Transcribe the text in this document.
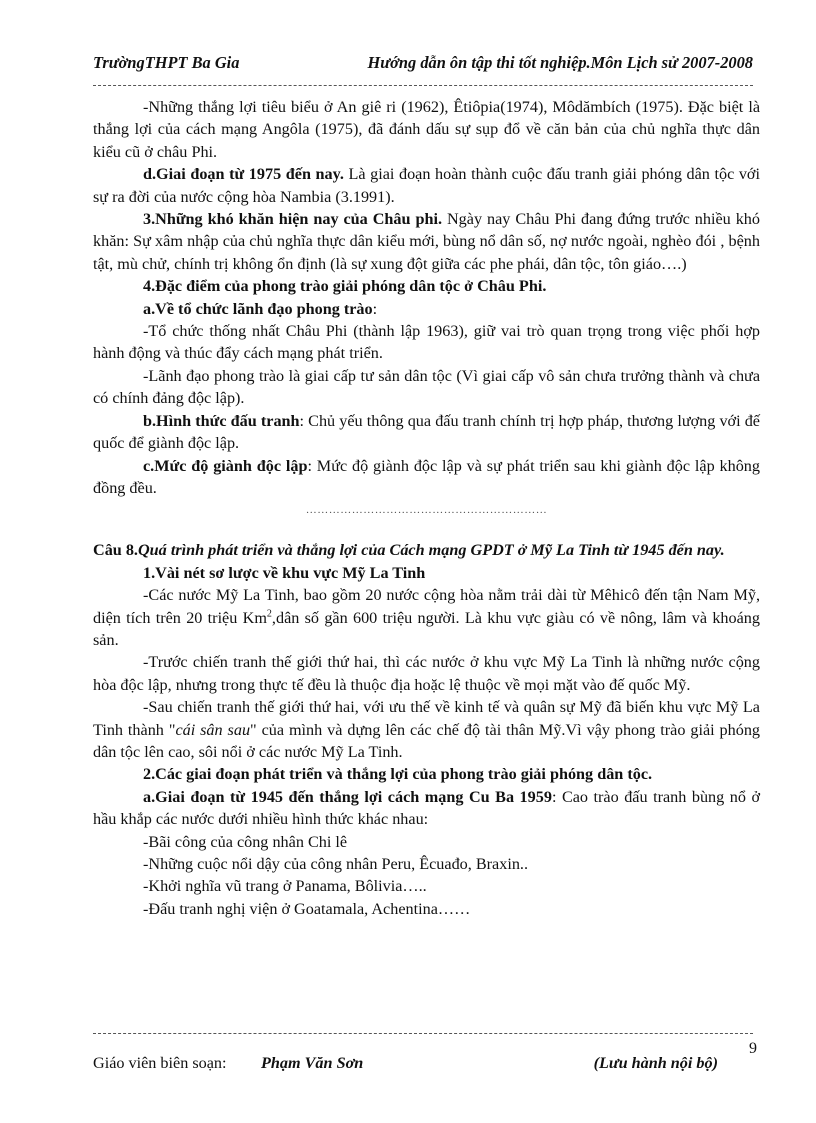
TrườngTHPT Ba Gia	Hướng dẫn ôn tập thi tốt nghiệp.Môn Lịch sử 2007-2008

-Những thắng lợi tiêu biểu ở An giê ri (1962), Êtiôpia(1974), Môdămbích (1975). Đặc biệt là thắng lợi của cách mạng Angôla (1975), đã đánh dấu sự sụp đổ về căn bản của chủ nghĩa thực dân kiểu cũ ở châu Phi.

d.Giai đoạn từ 1975 đến nay. Là giai đoạn hoàn thành cuộc đấu tranh giải phóng dân tộc với sự ra đời của nước cộng hòa Nambia (3.1991).

3.Những khó khăn hiện nay của Châu phi. Ngày nay Châu Phi đang đứng trước nhiều khó khăn: Sự xâm nhập của chủ nghĩa thực dân kiểu mới, bùng nổ dân số, nợ nước ngoài, nghèo đói , bệnh tật, mù chử, chính trị không ổn định (là sự xung đột giữa các phe phái, dân tộc, tôn giáo….)

4.Đặc điểm của phong trào giải phóng dân tộc ở Châu Phi.

a.Về tổ chức lãnh đạo phong trào:

-Tổ chức thống nhất Châu Phi (thành lập 1963), giữ vai trò quan trọng trong việc phối hợp hành động và thúc đẩy cách mạng phát triển.

-Lãnh đạo phong trào là giai cấp tư sản dân tộc (Vì giai cấp vô sản chưa trưởng thành và chưa có chính đảng độc lập).

b.Hình thức đấu tranh: Chủ yếu thông qua đấu tranh chính trị hợp pháp, thương lượng với đế quốc để giành độc lập.

c.Mức độ giành độc lập: Mức độ giành độc lập và sự phát triển sau khi giành độc lập không đồng đều.

………………………………………………………

Câu 8.Quá trình phát triển và thắng lợi của Cách mạng GPDT ở Mỹ La Tinh từ 1945 đến nay.

1.Vài nét sơ lược về khu vực Mỹ La Tinh

-Các nước Mỹ La Tinh, bao gồm 20 nước cộng hòa nằm trải dài từ Mêhicô đến tận Nam Mỹ, diện tích trên 20 triệu Km$^2$,dân số gần 600 triệu người. Là khu vực giàu có về nông, lâm và khoáng sản.

-Trước chiến tranh thế giới thứ hai, thì các nước ở khu vực Mỹ La Tinh là những nước cộng hòa độc lập, nhưng trong thực tế đều là thuộc địa hoặc lệ thuộc về mọi mặt vào đế quốc Mỹ.

-Sau chiến tranh thế giới thứ hai, với ưu thế về kinh tế và quân sự Mỹ đã biến khu vực Mỹ La Tinh thành "cái sân sau" của mình và dựng lên các chế độ tài thân Mỹ.Vì vậy phong trào giải phóng dân tộc lên cao, sôi nổi ở các nước Mỹ La Tinh.

2.Các giai đoạn phát triển và thắng lợi của phong trào giải phóng dân tộc.

a.Giai đoạn từ 1945 đến thắng lợi cách mạng Cu Ba 1959: Cao trào đấu tranh bùng nổ ở hầu khắp các nước dưới nhiều hình thức khác nhau:

-Bãi công của công nhân Chi lê

-Những cuộc nổi dậy của công nhân Peru, Êcuađo, Braxin..

-Khởi nghĩa vũ trang ở Panama, Bôlivia…..

-Đấu tranh nghị viện ở Goatamala, Achentina……

9
Giáo viên biên soạn: Phạm Văn Sơn	(Lưu hành nội bộ)
